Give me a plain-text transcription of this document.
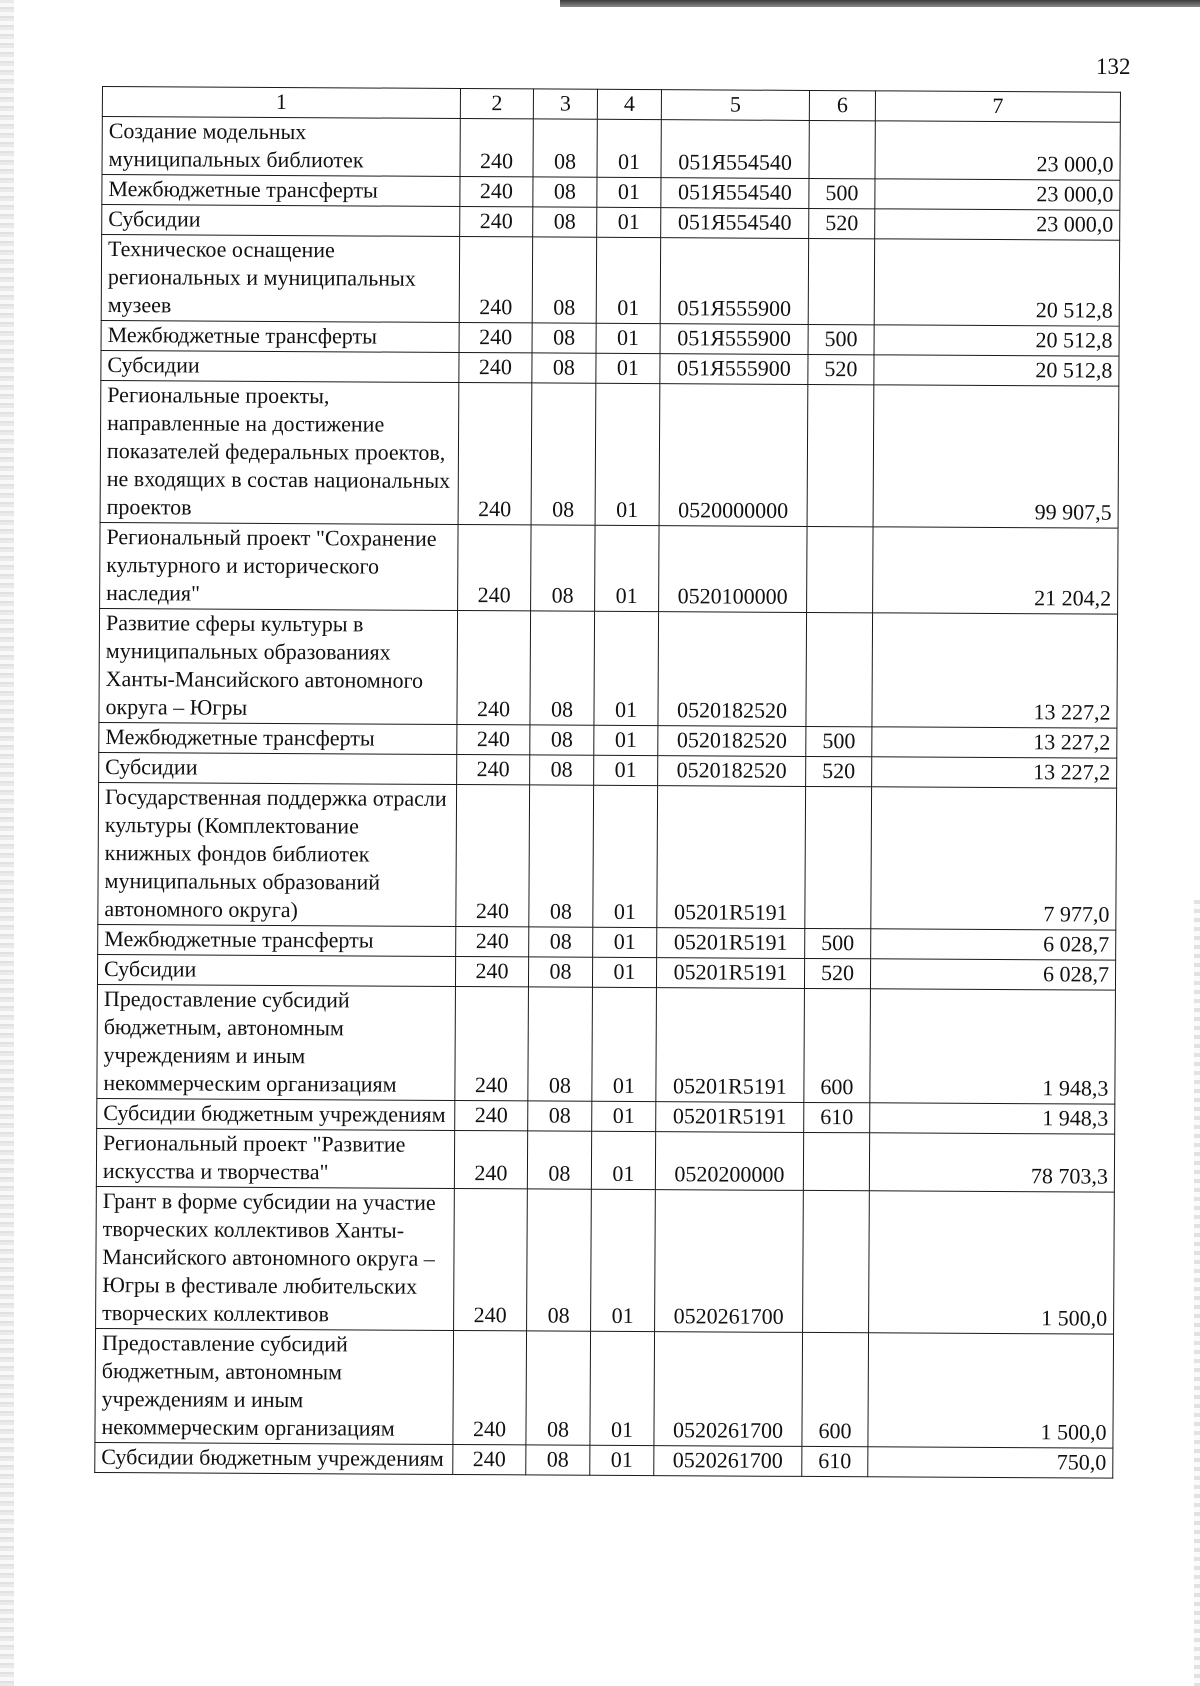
132
1	2	3	4	5	6	7
Создание модельных муниципальных библиотек	240	08	01	051Я554540		23 000,0
Межбюджетные трансферты	240	08	01	051Я554540	500	23 000,0
Субсидии	240	08	01	051Я554540	520	23 000,0
Техническое оснащение региональных и муниципальных музеев	240	08	01	051Я555900		20 512,8
Межбюджетные трансферты	240	08	01	051Я555900	500	20 512,8
Субсидии	240	08	01	051Я555900	520	20 512,8
Региональные проекты, направленные на достижение показателей федеральных проектов, не входящих в состав национальных проектов	240	08	01	0520000000		99 907,5
Региональный проект "Сохранение культурного и исторического наследия"	240	08	01	0520100000		21 204,2
Развитие сферы культуры в муниципальных образованиях Ханты-Мансийского автономного округа – Югры	240	08	01	0520182520		13 227,2
Межбюджетные трансферты	240	08	01	0520182520	500	13 227,2
Субсидии	240	08	01	0520182520	520	13 227,2
Государственная поддержка отрасли культуры (Комплектование книжных фондов библиотек муниципальных образований автономного округа)	240	08	01	05201R5191		7 977,0
Межбюджетные трансферты	240	08	01	05201R5191	500	6 028,7
Субсидии	240	08	01	05201R5191	520	6 028,7
Предоставление субсидий бюджетным, автономным учреждениям и иным некоммерческим организациям	240	08	01	05201R5191	600	1 948,3
Субсидии бюджетным учреждениям	240	08	01	05201R5191	610	1 948,3
Региональный проект "Развитие искусства и творчества"	240	08	01	0520200000		78 703,3
Грант в форме субсидии на участие творческих коллективов Ханты-Мансийского автономного округа – Югры в фестивале любительских творческих коллективов	240	08	01	0520261700		1 500,0
Предоставление субсидий бюджетным, автономным учреждениям и иным некоммерческим организациям	240	08	01	0520261700	600	1 500,0
Субсидии бюджетным учреждениям	240	08	01	0520261700	610	750,0
